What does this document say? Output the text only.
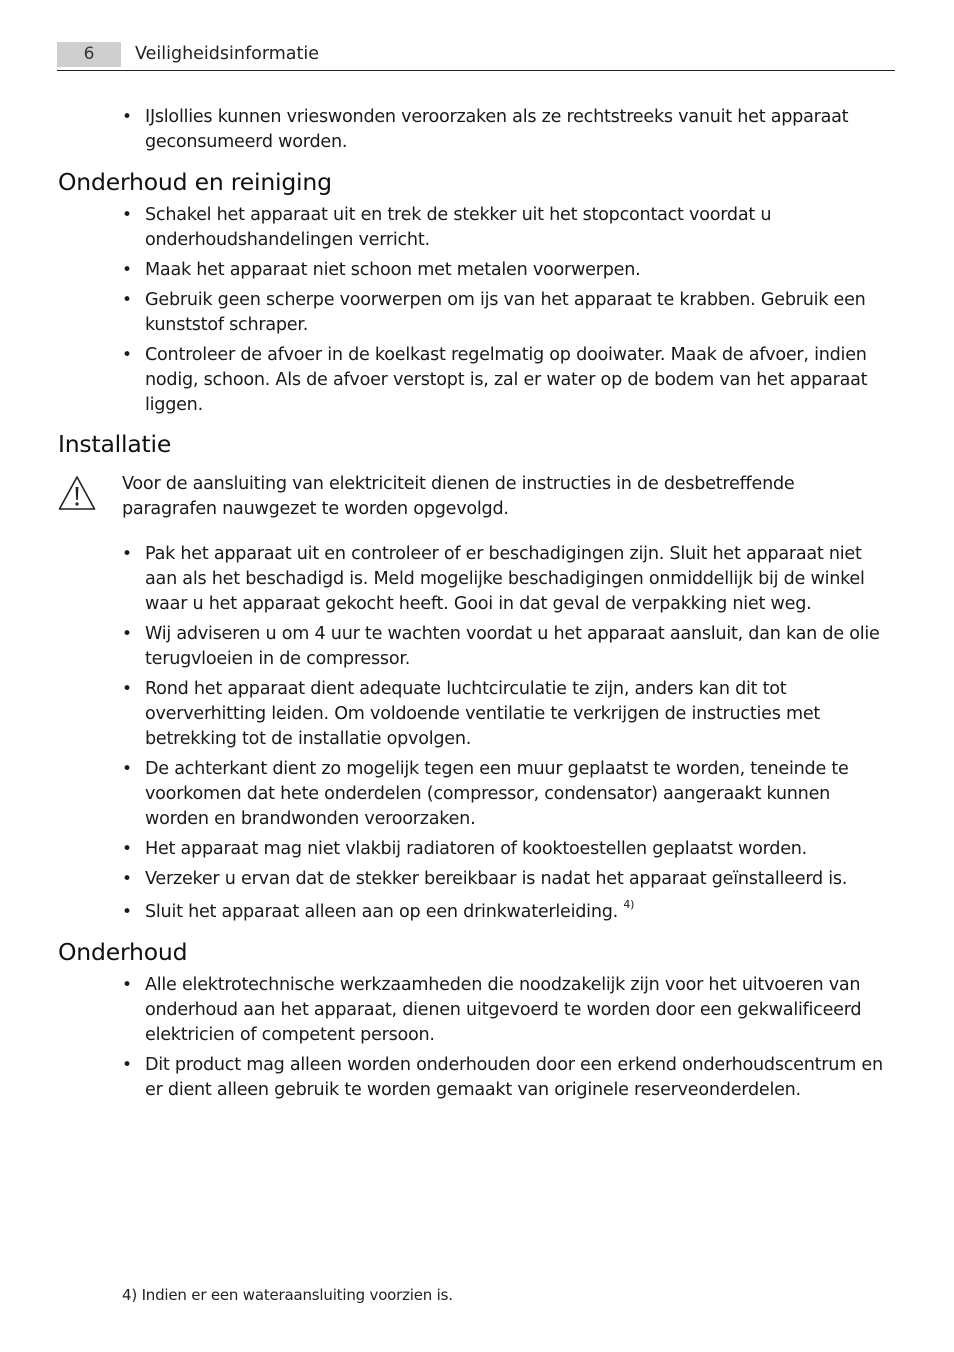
6	Veiligheidsinformatie
• IJslollies kunnen vrieswonden veroorzaken als ze rechtstreeks vanuit het apparaat geconsumeerd worden.
Onderhoud en reiniging
• Schakel het apparaat uit en trek de stekker uit het stopcontact voordat u onderhoudshandelingen verricht.
• Maak het apparaat niet schoon met metalen voorwerpen.
• Gebruik geen scherpe voorwerpen om ijs van het apparaat te krabben. Gebruik een kunststof schraper.
• Controleer de afvoer in de koelkast regelmatig op dooiwater. Maak de afvoer, indien nodig, schoon. Als de afvoer verstopt is, zal er water op de bodem van het apparaat liggen.
Installatie
Voor de aansluiting van elektriciteit dienen de instructies in de desbetreffende paragrafen nauwgezet te worden opgevolgd.
• Pak het apparaat uit en controleer of er beschadigingen zijn. Sluit het apparaat niet aan als het beschadigd is. Meld mogelijke beschadigingen onmiddellijk bij de winkel waar u het apparaat gekocht heeft. Gooi in dat geval de verpakking niet weg.
• Wij adviseren u om 4 uur te wachten voordat u het apparaat aansluit, dan kan de olie terugvloeien in de compressor.
• Rond het apparaat dient adequate luchtcirculatie te zijn, anders kan dit tot oververhitting leiden. Om voldoende ventilatie te verkrijgen de instructies met betrekking tot de installatie opvolgen.
• De achterkant dient zo mogelijk tegen een muur geplaatst te worden, teneinde te voorkomen dat hete onderdelen (compressor, condensator) aangeraakt kunnen worden en brandwonden veroorzaken.
• Het apparaat mag niet vlakbij radiatoren of kooktoestellen geplaatst worden.
• Verzeker u ervan dat de stekker bereikbaar is nadat het apparaat geïnstalleerd is.
• Sluit het apparaat alleen aan op een drinkwaterleiding. $^{4)}$
Onderhoud
• Alle elektrotechnische werkzaamheden die noodzakelijk zijn voor het uitvoeren van onderhoud aan het apparaat, dienen uitgevoerd te worden door een gekwalificeerd elektricien of competent persoon.
• Dit product mag alleen worden onderhouden door een erkend onderhoudscentrum en er dient alleen gebruik te worden gemaakt van originele reserveonderdelen.
4) Indien er een wateraansluiting voorzien is.
